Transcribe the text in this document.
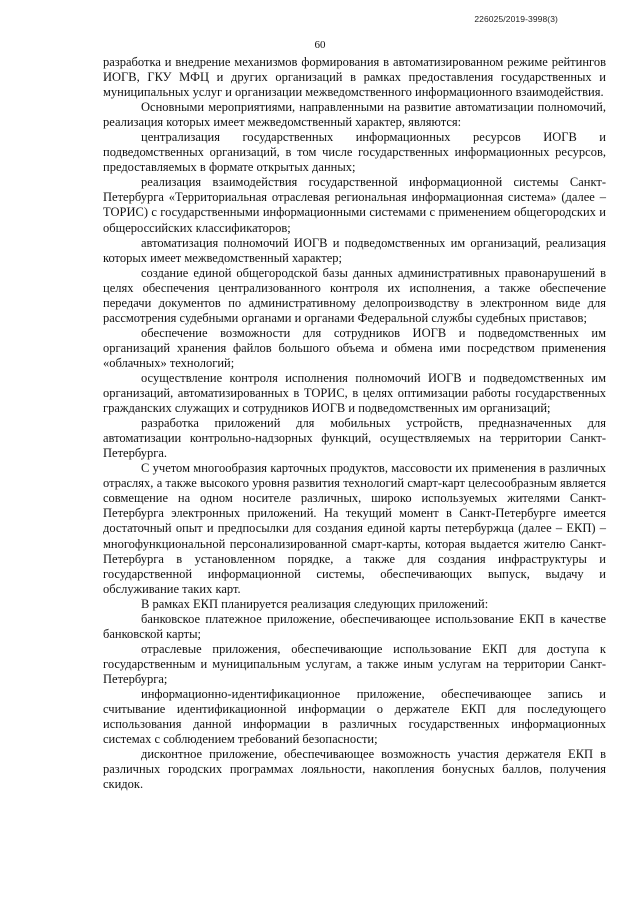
226025/2019-3998(3)
60

разработка и внедрение механизмов формирования в автоматизированном режиме рейтингов ИОГВ, ГКУ МФЦ и других организаций в рамках предоставления государственных и муниципальных услуг и организации межведомственного информационного взаимодействия.

Основными мероприятиями, направленными на развитие автоматизации полномочий, реализация которых имеет межведомственный характер, являются:

централизация государственных информационных ресурсов ИОГВ и подведомственных организаций, в том числе государственных информационных ресурсов, предоставляемых в формате открытых данных;

реализация взаимодействия государственной информационной системы Санкт-Петербурга «Территориальная отраслевая региональная информационная система» (далее – ТОРИС) с государственными информационными системами с применением общегородских и общероссийских классификаторов;

автоматизация полномочий ИОГВ и подведомственных им организаций, реализация которых имеет межведомственный характер;

создание единой общегородской базы данных административных правонарушений в целях обеспечения централизованного контроля их исполнения, а также обеспечение передачи документов по административному делопроизводству в электронном виде для рассмотрения судебными органами и органами Федеральной службы судебных приставов;

обеспечение возможности для сотрудников ИОГВ и подведомственных им организаций хранения файлов большого объема и обмена ими посредством применения «облачных» технологий;

осуществление контроля исполнения полномочий ИОГВ и подведомственных им организаций, автоматизированных в ТОРИС, в целях оптимизации работы государственных гражданских служащих и сотрудников ИОГВ и подведомственных им организаций;

разработка приложений для мобильных устройств, предназначенных для автоматизации контрольно-надзорных функций, осуществляемых на территории Санкт-Петербурга.

С учетом многообразия карточных продуктов, массовости их применения в различных отраслях, а также высокого уровня развития технологий смарт-карт целесообразным является совмещение на одном носителе различных, широко используемых жителями Санкт-Петербурга электронных приложений. На текущий момент в Санкт-Петербурге имеется достаточный опыт и предпосылки для создания единой карты петербуржца (далее – ЕКП) – многофункциональной персонализированной смарт-карты, которая выдается жителю Санкт-Петербурга в установленном порядке, а также для создания инфраструктуры и государственной информационной системы, обеспечивающих выпуск, выдачу и обслуживание таких карт.

В рамках ЕКП планируется реализация следующих приложений:

банковское платежное приложение, обеспечивающее использование ЕКП в качестве банковской карты;

отраслевые приложения, обеспечивающие использование ЕКП для доступа к государственным и муниципальным услугам, а также иным услугам на территории Санкт-Петербурга;

информационно-идентификационное приложение, обеспечивающее запись и считывание идентификационной информации о держателе ЕКП для последующего использования данной информации в различных государственных информационных системах с соблюдением требований безопасности;

дисконтное приложение, обеспечивающее возможность участия держателя ЕКП в различных городских программах лояльности, накопления бонусных баллов, получения скидок.
